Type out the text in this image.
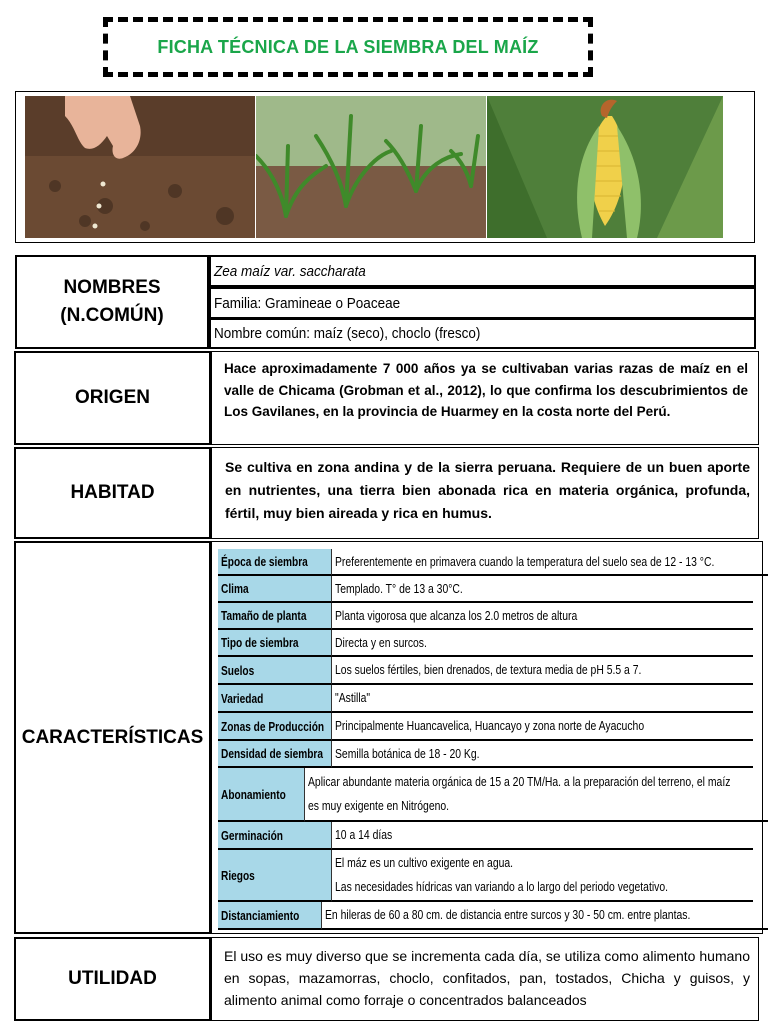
FICHA TÉCNICA DE LA SIEMBRA DEL MAÍZ
NOMBRES (N.COMÚN)
Zea maíz var. saccharata
Familia: Gramineae o Poaceae
Nombre común: maíz (seco), choclo (fresco)
ORIGEN
Hace aproximadamente 7 000 años ya se cultivaban varias razas de maíz en el valle de Chicama (Grobman et al., 2012), lo que confirma los descubrimientos de Los Gavilanes, en la provincia de Huarmey en la costa norte del Perú.
HABITAD
Se cultiva en zona andina y de la sierra peruana. Requiere de un buen aporte en nutrientes, una tierra bien abonada rica en materia orgánica, profunda, fértil, muy bien aireada y rica en humus.
CARACTERÍSTICAS
Época de siembra Preferentemente en primavera cuando la temperatura del suelo sea de 12 - 13 °C.
Clima	Templado. T° de 13 a 30°C.
Tamaño de planta Planta vigorosa que alcanza los 2.0 metros de altura
Tipo de siembra	Directa y en surcos.
Suelos	Los suelos fértiles, bien drenados, de textura media de pH 5.5 a 7.
Variedad	"Astilla"
Zonas de Producción Principalmente Huancavelica, Huancayo y zona norte de Ayacucho
Densidad de siembra Semilla botánica de 18 - 20 Kg.
Abonamiento
Aplicar abundante materia orgánica de 15 a 20 TM/Ha. a la preparación del terreno, el maíz
es muy exigente en Nitrógeno.
Germinación	10 a 14 días
Riegos
El máz es un cultivo exigente en agua.
Las necesidades hídricas van variando a lo largo del periodo vegetativo.
Distanciamiento En hileras de 60 a 80 cm. de distancia entre surcos y 30 - 50 cm. entre plantas.
UTILIDAD
El uso es muy diverso que se incrementa cada día, se utiliza como alimento humano en sopas, mazamorras, choclo, confitados, pan, tostados, Chicha y guisos, y alimento animal como forraje o concentrados balanceados
